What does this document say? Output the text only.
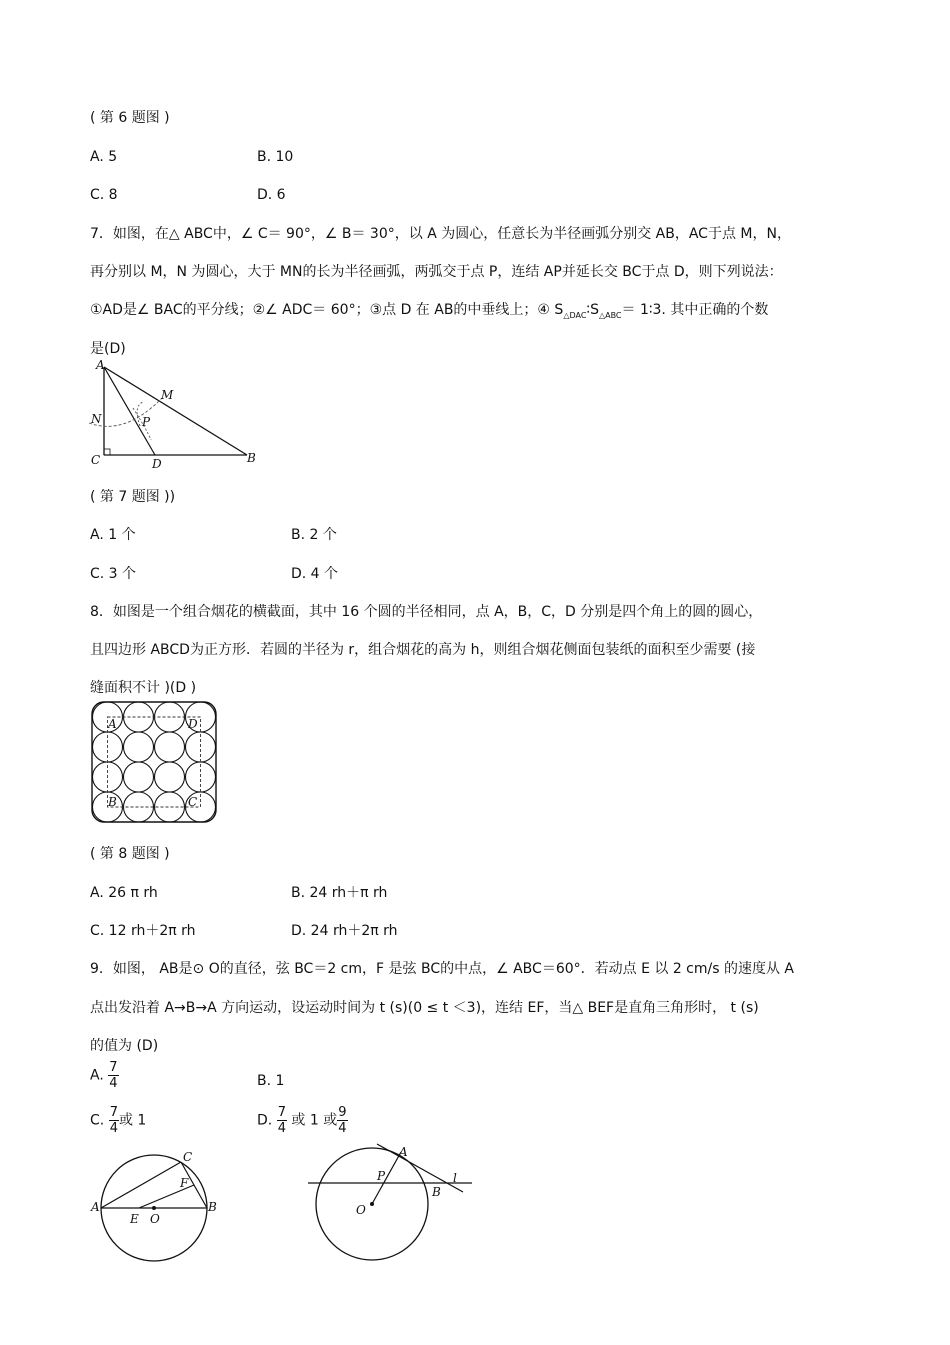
( 第 6 题图 )
A. 5	B. 10
C. 8	D. 6
7．如图，在△ ABC中，∠ C＝ 90°，∠ B＝ 30°，以 A 为圆心，任意长为半径画弧分别交 AB，AC于点 M，N，
再分别以 M，N 为圆心，大于 MN的长为半径画弧，两弧交于点 P，连结 AP并延长交 BC于点 D，则下列说法：
①AD是∠ BAC的平分线；②∠ ADC＝ 60°；③点 D 在 AB的中垂线上；④ $S_{\triangle DAC}∶S_{\triangle ABC}=$ 1∶3. 其中正确的个数
是(D)
A
M
N	P
C	D	B
( 第 7 题图 ))
A. 1 个	B. 2 个
C. 3 个	D. 4 个
8．如图是一个组合烟花的横截面，其中 16 个圆的半径相同，点 A，B，C，D 分别是四个角上的圆的圆心，
且四边形 ABCD为正方形．若圆的半径为 r，组合烟花的高为 h，则组合烟花侧面包装纸的面积至少需要 (接
缝面积不计 )(D )
A	D
B	C
( 第 8 题图 )
A. 26 π rh	B. 24 rh＋π rh
C. 12 rh＋2π rh	D. 24 rh＋2π rh
9．如图， AB是⊙ O的直径，弦 BC＝2 cm，F 是弦 BC的中点，∠ ABC＝60°．若动点 E 以 2 cm/s 的速度从 A
点出发沿着 A→B→A 方向运动，设运动时间为 t (s)(0 ≤ t ＜3)，连结 EF，当△ BEF是直角三角形时， t (s)
的值为 (D)
A. $\frac{7}{4}$	B. 1
C. $\frac{7}{4}$ 或 1	D. $\frac{7}{4}$ 或 1 或 $\frac{9}{4}$
A	B
C
F
E O
A
P
B
l
O
